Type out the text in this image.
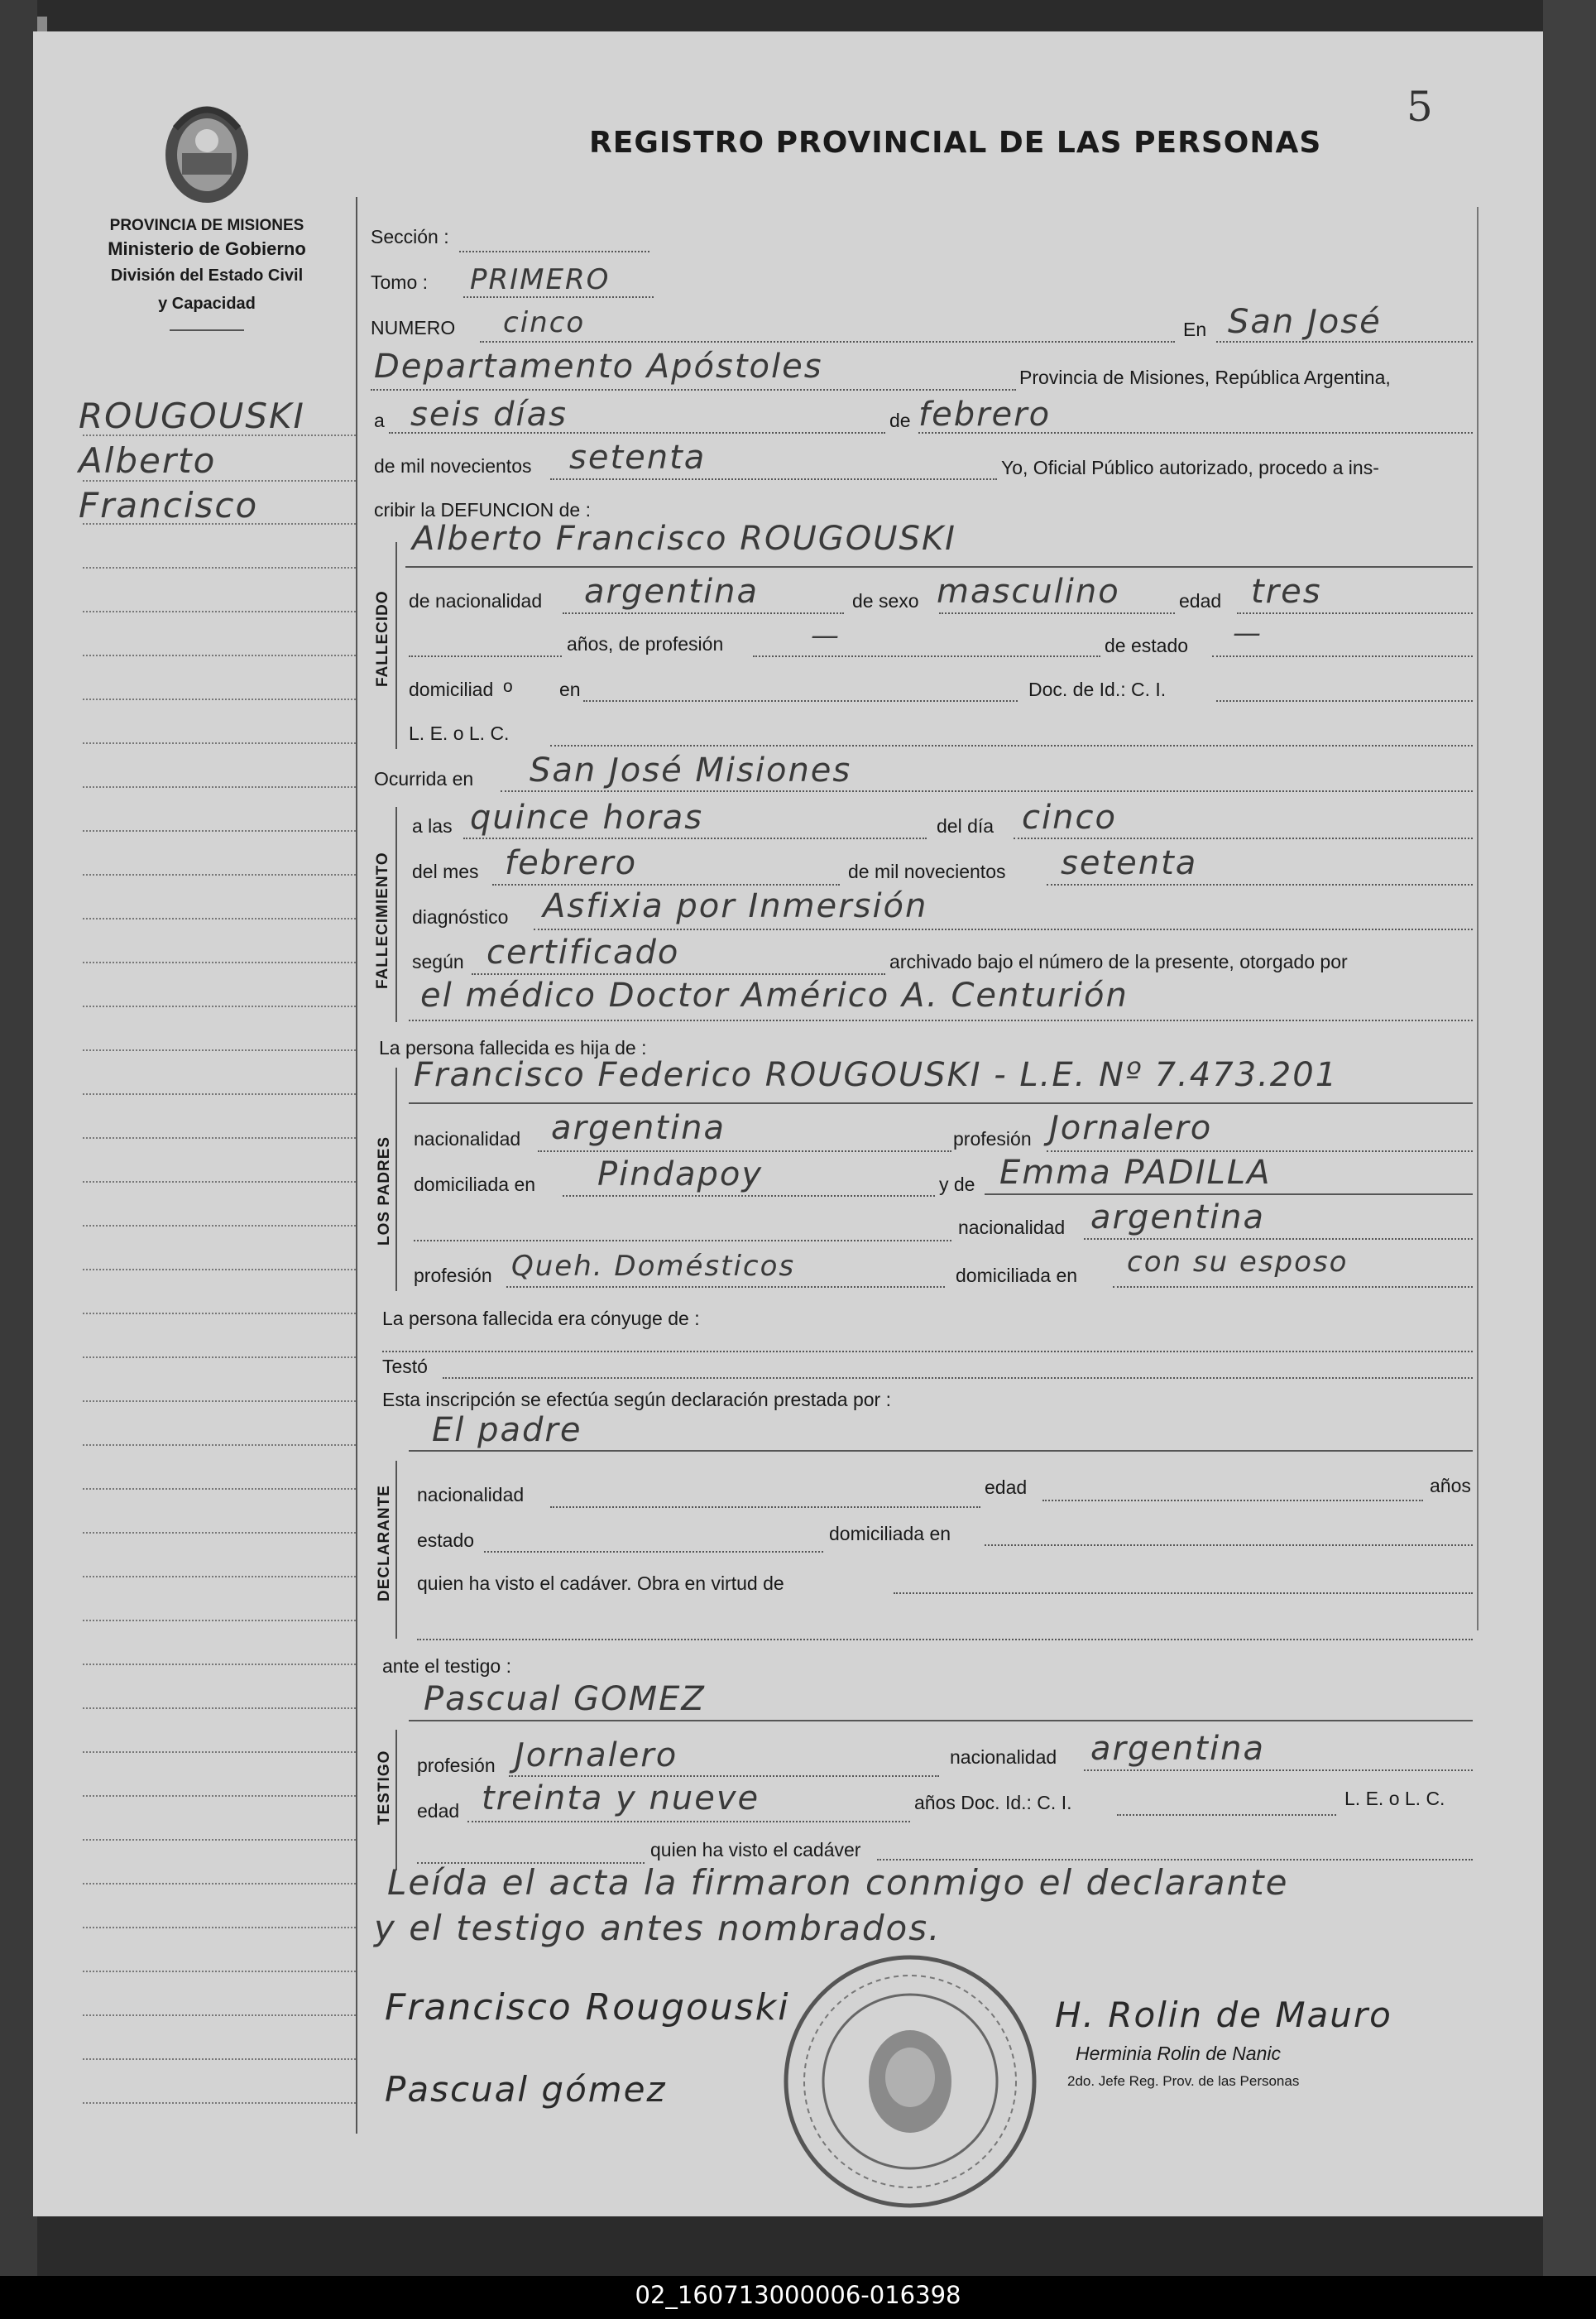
5
PROVINCIA DE MISIONES
Ministerio de Gobierno
División del Estado Civil
y Capacidad
REGISTRO PROVINCIAL DE LAS PERSONAS
ROUGOUSKI
Alberto
Francisco
Sección :
Tomo : PRIMERO
NUMERO cinco	En San José
Departamento Apóstoles	Provincia de Misiones, República Argentina,
a seis días	de febrero
de mil novecientos setenta	Yo, Oficial Público autorizado, procedo a ins-
cribir la DEFUNCION de :
FALLECIDO
Alberto Francisco ROUGOUSKI
de nacionalidad argentina	de sexo masculino	edad tres
años, de profesión	—	de estado —
domiciliad o en	Doc. de Id.: C. I.
L. E. o L. C.
Ocurrida en San José Misiones
FALLECIMIENTO
a las quince horas	del día cinco
del mes febrero	de mil novecientos setenta
diagnóstico Asfixia por Inmersión
según certificado	archivado bajo el número de la presente, otorgado por
el médico Doctor Américo A. Centurión
La persona fallecida es hija de :
LOS PADRES
Francisco Federico ROUGOUSKI - L.E. Nº 7.473.201
nacionalidad argentina	profesión Jornalero
domiciliada en Pindapoy	y de Emma PADILLA
nacionalidad argentina
profesión Queh. Domésticos	domiciliada en con su esposo
La persona fallecida era cónyuge de :
Testó
Esta inscripción se efectúa según declaración prestada por :
El padre
DECLARANTE nacionalidad	edad	años
estado	domiciliada en
quien ha visto el cadáver. Obra en virtud de
ante el testigo :
Pascual GOMEZ
TESTIGO profesión Jornalero	nacionalidad argentina
edad treinta y nueve	años Doc. Id.: C. I.	L. E. o L. C.
quien ha visto el cadáver
Leída el acta la firmaron conmigo el declarante
y el testigo antes nombrados.
Francisco Rougouski
Pascual gómez
H. Rolin de Mauro
Herminia Rolin de Nanic
2do. Jefe Reg. Prov. de las Personas
02_160713000006-016398
